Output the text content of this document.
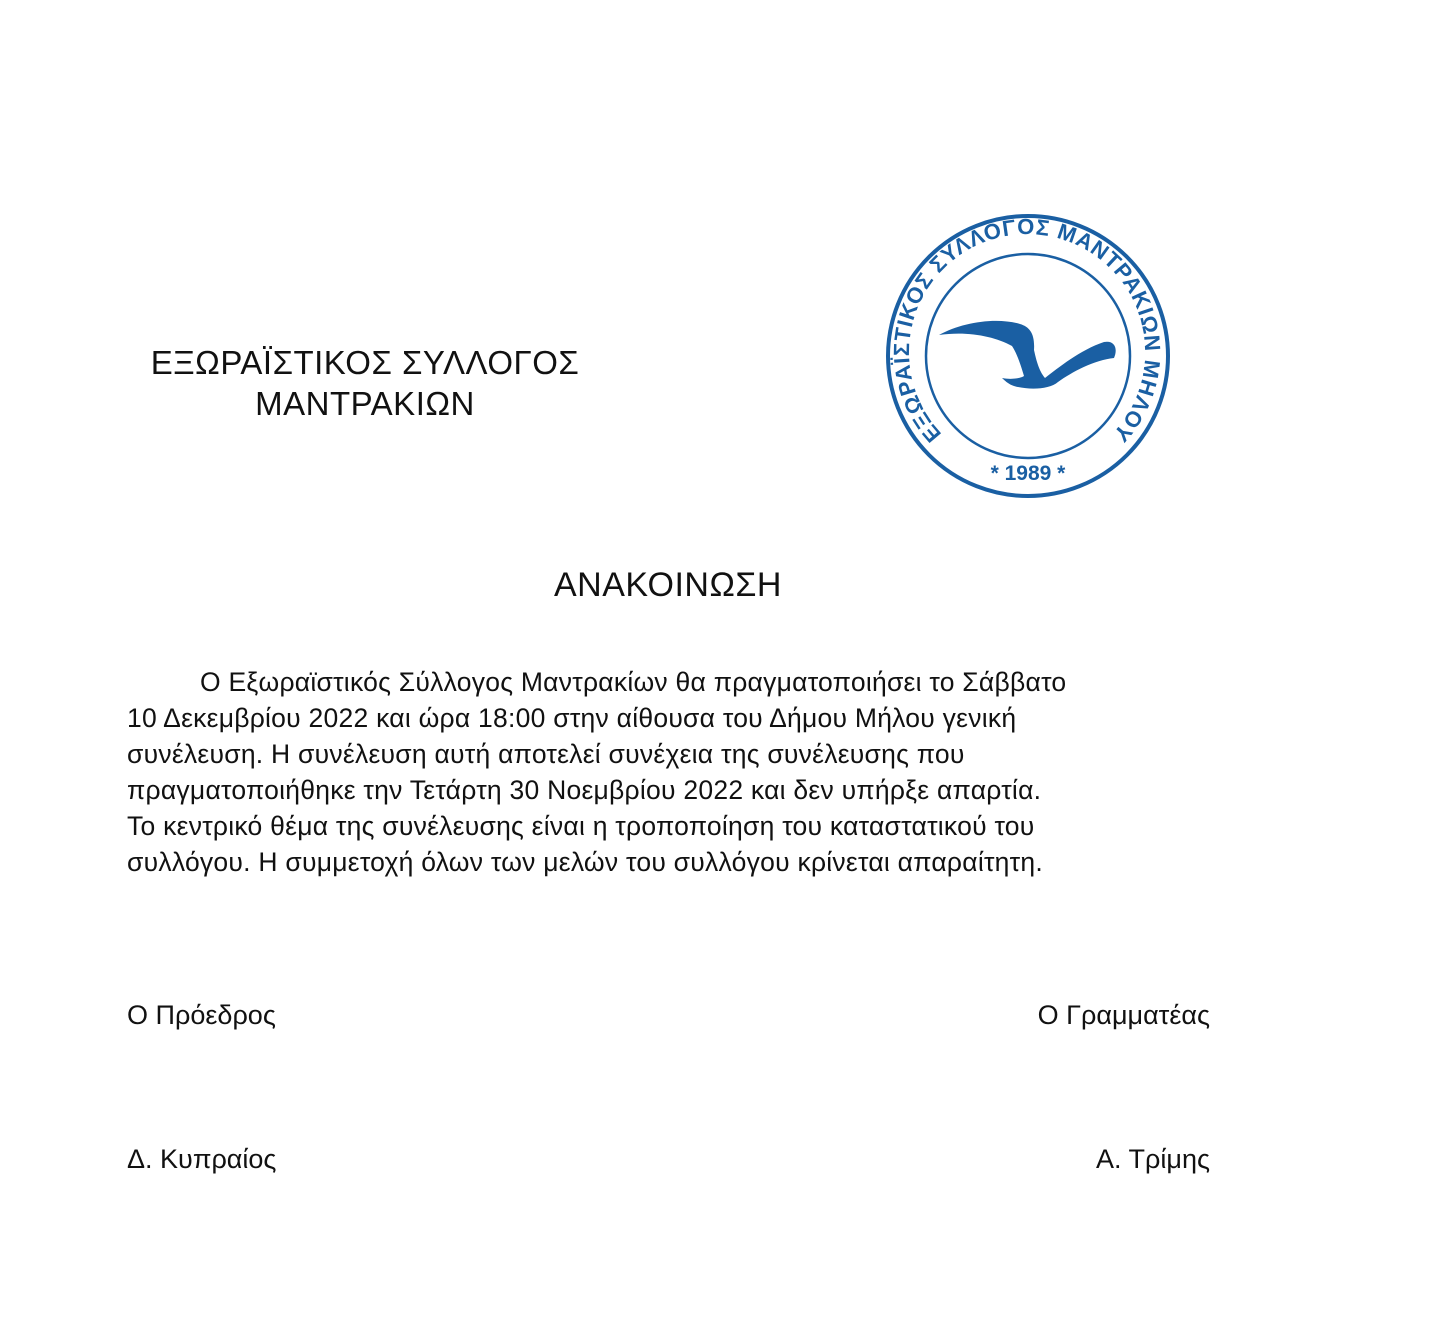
ΕΞΩΡΑΪΣΤΙΚΟΣ ΣΥΛΛΟΓΟΣ
ΜΑΝΤΡΑΚΙΩΝ
ΕΞΩΡΑΪΣΤΙΚΟΣ ΣΥΛΛΟΓΟΣ ΜΑΝΤΡΑΚΙΩΝ ΜΗΛΟΥ
* 1989 *
ΑΝΑΚΟΙΝΩΣΗ
Ο Εξωραϊστικός Σύλλογος Μαντρακίων θα πραγματοποιήσει το Σάββατο
10 Δεκεμβρίου 2022 και ώρα 18:00 στην αίθουσα του Δήμου Μήλου γενική
συνέλευση. Η συνέλευση αυτή αποτελεί συνέχεια της συνέλευσης που
πραγματοποιήθηκε την Τετάρτη 30 Νοεμβρίου 2022 και δεν υπήρξε απαρτία.
Το κεντρικό θέμα της συνέλευσης είναι η τροποποίηση του καταστατικού του
συλλόγου. Η συμμετοχή όλων των μελών του συλλόγου κρίνεται απαραίτητη.
Ο Πρόεδρος	Ο Γραμματέας
Δ. Κυπραίος	Α. Τρίμης
